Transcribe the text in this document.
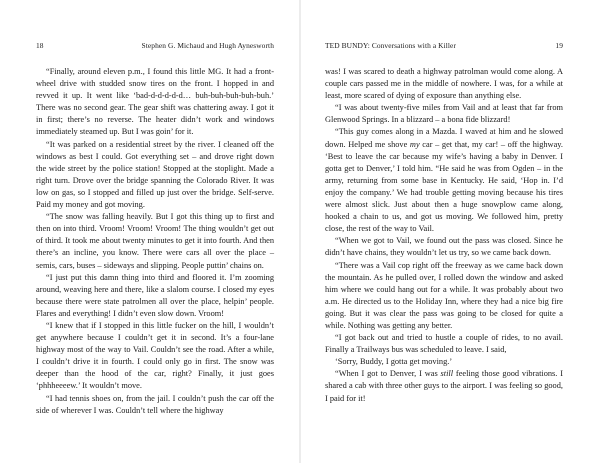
18	Stephen G. Michaud and Hugh Aynesworth

“Finally, around eleven p.m., I found this little MG. It had a front-wheel drive with studded snow tires on the front. I hopped in and revved it up. It went like ‘bad-d-d-d-d-d… buh-buh-buh-buh-buh.’ There was no second gear. The gear shift was chattering away. I got it in first; there’s no reverse. The heater didn’t work and windows immediately steamed up. But I was goin’ for it.

“It was parked on a residential street by the river. I cleaned off the windows as best I could. Got everything set – and drove right down the wide street by the police station! Stopped at the stoplight. Made a right turn. Drove over the bridge spanning the Colorado River. It was low on gas, so I stopped and filled up just over the bridge. Self-serve. Paid my money and got moving.

“The snow was falling heavily. But I got this thing up to first and then on into third. Vroom! Vroom! Vroom! The thing wouldn’t get out of third. It took me about twenty minutes to get it into fourth. And then there’s an incline, you know. There were cars all over the place – semis, cars, buses – sideways and slipping. People puttin’ chains on.

“I just put this damn thing into third and floored it. I’m zooming around, weaving here and there, like a slalom course. I closed my eyes because there were state patrolmen all over the place, helpin’ people. Flares and everything! I didn’t even slow down. Vroom!

“I knew that if I stopped in this little fucker on the hill, I wouldn’t get anywhere because I couldn’t get it in second. It’s a four-lane highway most of the way to Vail. Couldn’t see the road. After a while, I couldn’t drive it in fourth. I could only go in first. The snow was deeper than the hood of the car, right? Finally, it just goes ‘phhheeeew.’ It wouldn’t move.

“I had tennis shoes on, from the jail. I couldn’t push the car off the side of wherever I was. Couldn’t tell where the highway

TED BUNDY: Conversations with a Killer	19

was! I was scared to death a highway patrolman would come along. A couple cars passed me in the middle of nowhere. I was, for a while at least, more scared of dying of exposure than anything else.

“I was about twenty-five miles from Vail and at least that far from Glenwood Springs. In a blizzard – a bona fide blizzard!

“This guy comes along in a Mazda. I waved at him and he slowed down. Helped me shove my car – get that, my car! – off the highway. ‘Best to leave the car because my wife’s having a baby in Denver. I gotta get to Denver,’ I told him. “He said he was from Ogden – in the army, returning from some base in Kentucky. He said, ‘Hop in. I’d enjoy the company.’ We had trouble getting moving because his tires were almost slick. Just about then a huge snowplow came along, hooked a chain to us, and got us moving. We followed him, pretty close, the rest of the way to Vail.

“When we got to Vail, we found out the pass was closed. Since he didn’t have chains, they wouldn’t let us try, so we came back down.

“There was a Vail cop right off the freeway as we came back down the mountain. As he pulled over, I rolled down the window and asked him where we could hang out for a while. It was probably about two a.m. He directed us to the Holiday Inn, where they had a nice big fire going. But it was clear the pass was going to be closed for quite a while. Nothing was getting any better.

“I got back out and tried to hustle a couple of rides, to no avail. Finally a Trailways bus was scheduled to leave. I said,

‘Sorry, Buddy, I gotta get moving.’

“When I got to Denver, I was still feeling those good vibrations. I shared a cab with three other guys to the airport. I was feeling so good, I paid for it!
